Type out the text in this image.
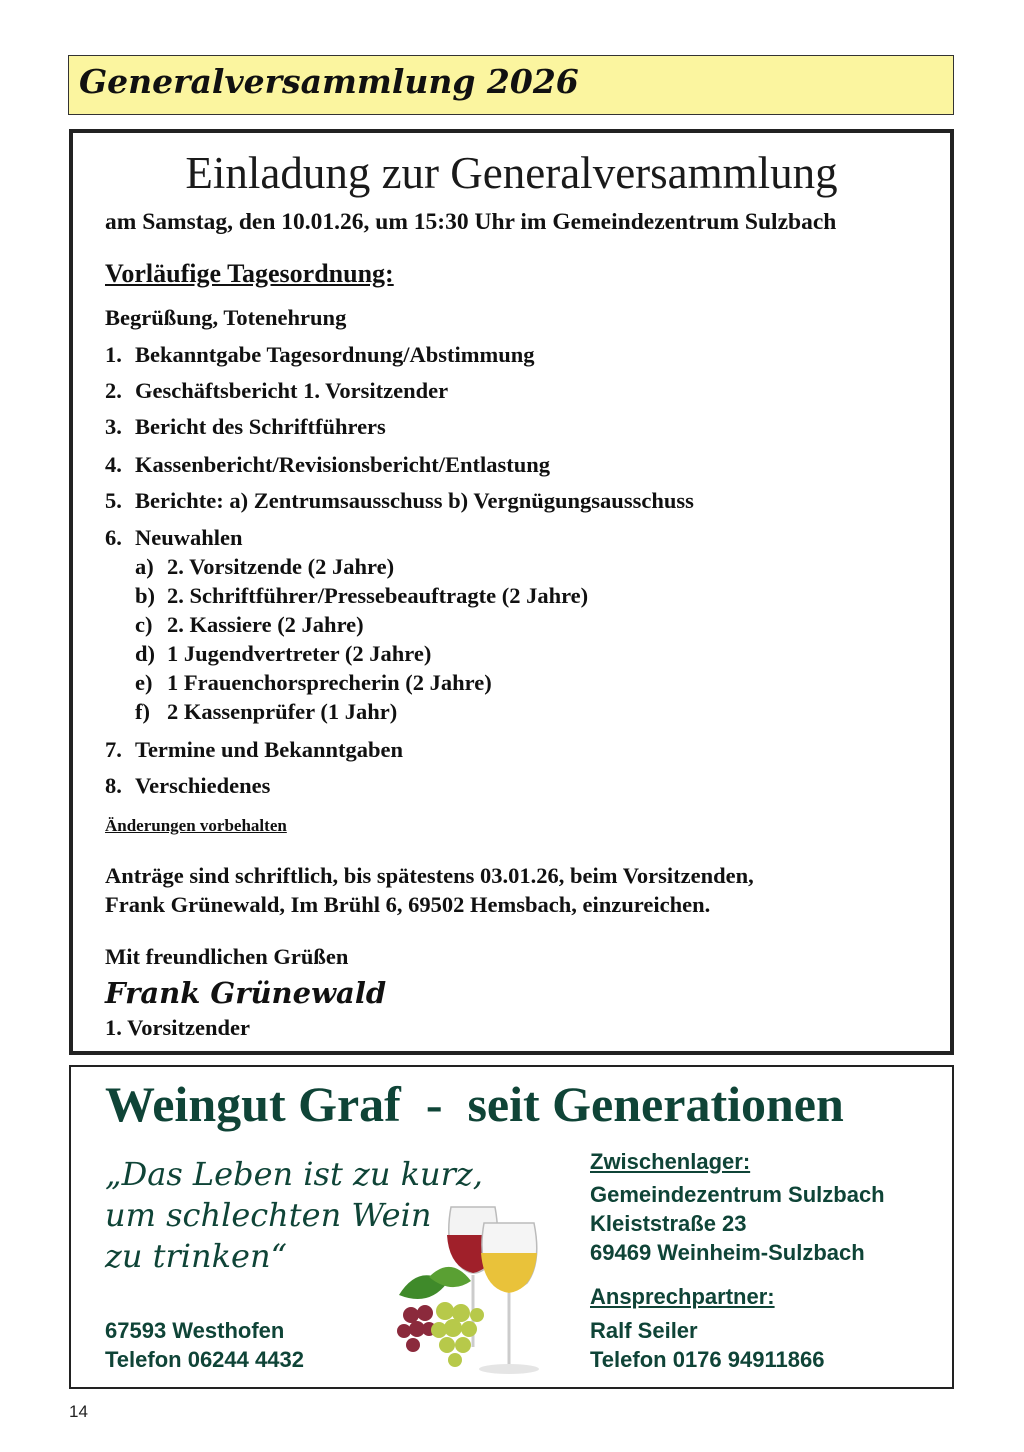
Generalversammlung 2026
Einladung zur Generalversammlung
am Samstag, den 10.01.26, um 15:30 Uhr im Gemeindezentrum Sulzbach
Vorläufige Tagesordnung:
Begrüßung, Totenehrung
1. Bekanntgabe Tagesordnung/Abstimmung
2. Geschäftsbericht 1. Vorsitzender
3. Bericht des Schriftführers
4. Kassenbericht/Revisionsbericht/Entlastung
5. Berichte: a) Zentrumsausschuss b) Vergnügungsausschuss
6. Neuwahlen
a) 2. Vorsitzende (2 Jahre)
b) 2. Schriftführer/Pressebeauftragte (2 Jahre)
c) 2. Kassiere (2 Jahre)
d) 1 Jugendvertreter (2 Jahre)
e) 1 Frauenchorsprecherin (2 Jahre)
f) 2 Kassenprüfer (1 Jahr)
7. Termine und Bekanntgaben
8. Verschiedenes
Änderungen vorbehalten
Anträge sind schriftlich, bis spätestens 03.01.26, beim Vorsitzenden,
Frank Grünewald, Im Brühl 6, 69502 Hemsbach, einzureichen.
Mit freundlichen Grüßen
Frank Grünewald
1. Vorsitzender
Weingut Graf  -  seit Generationen
„Das Leben ist zu kurz,
um schlechten Wein
zu trinken“
67593 Westhofen
Telefon 06244 4432
Zwischenlager:
Gemeindezentrum Sulzbach
Kleiststraße 23
69469 Weinheim-Sulzbach
Ansprechpartner:
Ralf Seiler
Telefon 0176 94911866
14
